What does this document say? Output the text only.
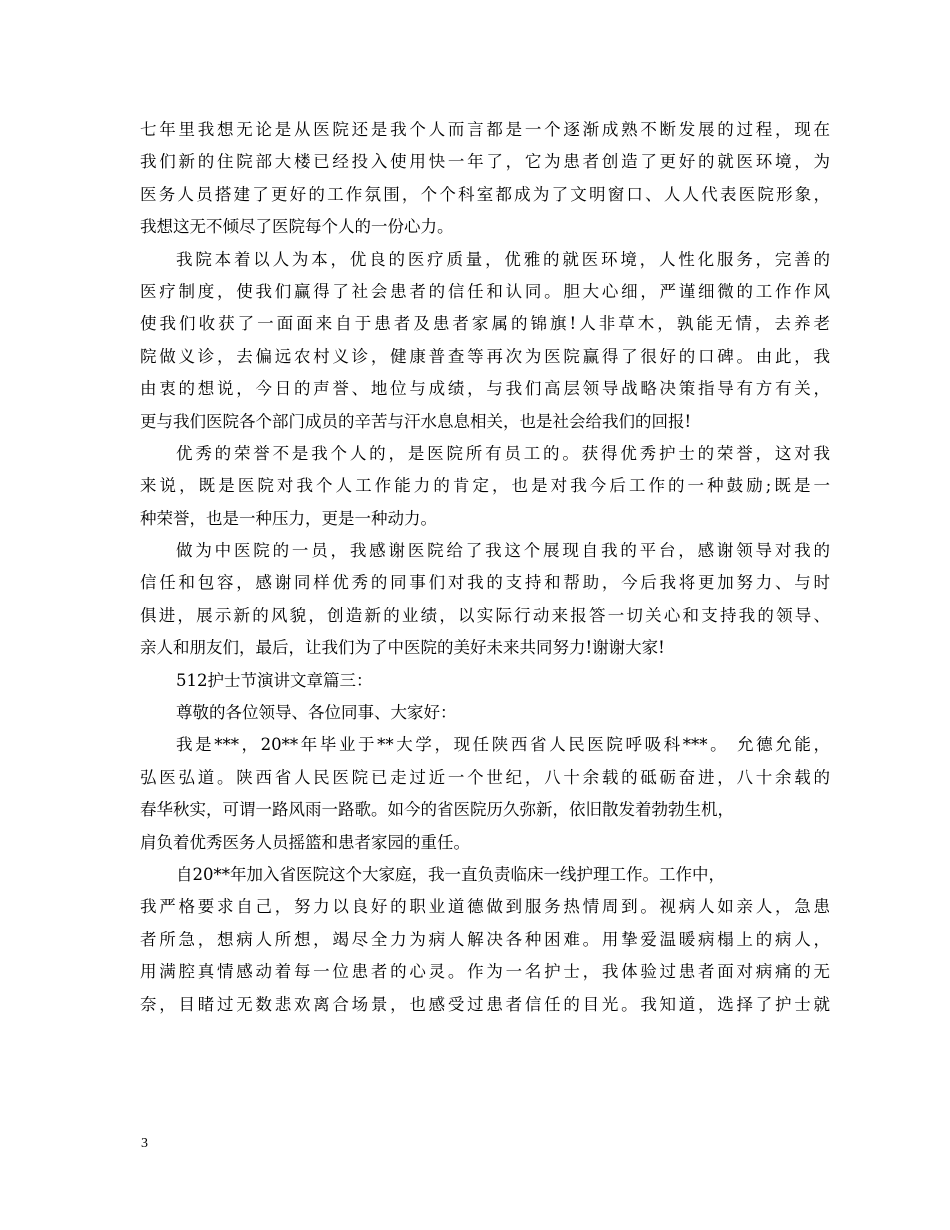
七年里我想无论是从医院还是我个人而言都是一个逐渐成熟不断发展的过程，现在
我们新的住院部大楼已经投入使用快一年了，它为患者创造了更好的就医环境，为
医务人员搭建了更好的工作氛围，个个科室都成为了文明窗口、人人代表医院形象，
我想这无不倾尽了医院每个人的一份心力。
我院本着以人为本，优良的医疗质量，优雅的就医环境，人性化服务，完善的
医疗制度，使我们赢得了社会患者的信任和认同。胆大心细，严谨细微的工作作风
使我们收获了一面面来自于患者及患者家属的锦旗!人非草木，孰能无情，去养老
院做义诊，去偏远农村义诊，健康普查等再次为医院赢得了很好的口碑。由此，我
由衷的想说，今日的声誉、地位与成绩，与我们高层领导战略决策指导有方有关，
更与我们医院各个部门成员的辛苦与汗水息息相关，也是社会给我们的回报!
优秀的荣誉不是我个人的，是医院所有员工的。获得优秀护士的荣誉，这对我
来说，既是医院对我个人工作能力的肯定，也是对我今后工作的一种鼓励;既是一
种荣誉，也是一种压力，更是一种动力。
做为中医院的一员，我感谢医院给了我这个展现自我的平台，感谢领导对我的
信任和包容，感谢同样优秀的同事们对我的支持和帮助，今后我将更加努力、与时
俱进，展示新的风貌，创造新的业绩，以实际行动来报答一切关心和支持我的领导、
亲人和朋友们，最后，让我们为了中医院的美好未来共同努力!谢谢大家!
512护士节演讲文章篇三：
尊敬的各位领导、各位同事、大家好：
我是***，20**年毕业于**大学，现任陕西省人民医院呼吸科***。 允德允能，
弘医弘道。陕西省人民医院已走过近一个世纪，八十余载的砥砺奋进，八十余载的
春华秋实，可谓一路风雨一路歌。如今的省医院历久弥新，依旧散发着勃勃生机，
肩负着优秀医务人员摇篮和患者家园的重任。
自20**年加入省医院这个大家庭，我一直负责临床一线护理工作。工作中，
我严格要求自己，努力以良好的职业道德做到服务热情周到。视病人如亲人，急患
者所急，想病人所想，竭尽全力为病人解决各种困难。用挚爱温暖病榻上的病人，
用满腔真情感动着每一位患者的心灵。作为一名护士，我体验过患者面对病痛的无
奈，目睹过无数悲欢离合场景，也感受过患者信任的目光。我知道，选择了护士就
3
